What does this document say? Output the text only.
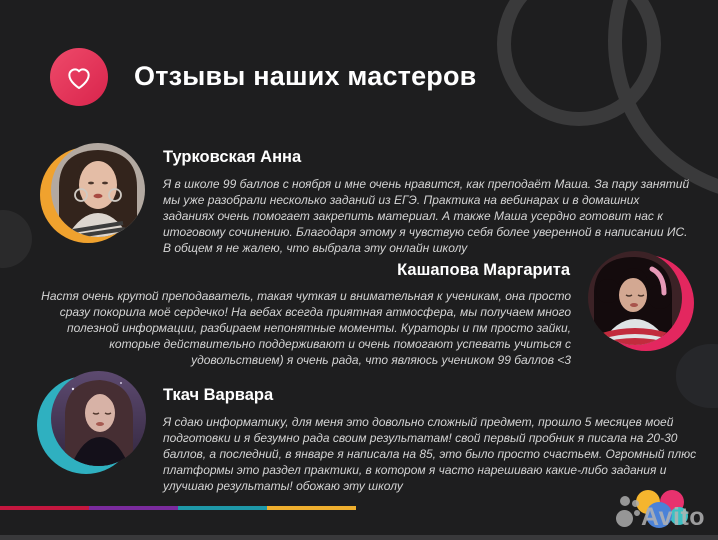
Отзывы наших мастеров
Турковская Анна
Я в школе 99 баллов с ноября и мне очень нравится, как преподаёт Маша. За пару занятий мы уже разобрали несколько заданий из ЕГЭ. Практика на вебинарах и в домашних заданиях очень помогает закрепить материал. А также Маша усердно готовит нас к итоговому сочинению. Благодаря этому я чувствую себя более уверенной в написании ИС. В общем я не жалею, что выбрала эту онлайн школу
Кашапова Маргарита
Настя очень крутой преподаватель, такая чуткая и внимательная к ученикам, она просто сразу покорила моё сердечко! На вебах всегда приятная атмосфера, мы получаем много полезной информации, разбираем непонятные моменты. Кураторы и пм просто зайки, которые действительно поддерживают и очень помогают успевать учиться с удовольствием) я очень рада, что являюсь учеником 99 баллов <3
Ткач Варвара
Я сдаю информатику, для меня это довольно сложный предмет, прошло 5 месяцев моей подготовки и я безумно рада своим результатам! свой первый пробник я писала на 20-30 баллов, а последний, в январе я написала на 85, это было просто счастьем. Огромный плюс платформы это раздел практики, в котором я часто нарешиваю какие-либо задания и улучшаю результаты! обожаю эту школу
Avito
